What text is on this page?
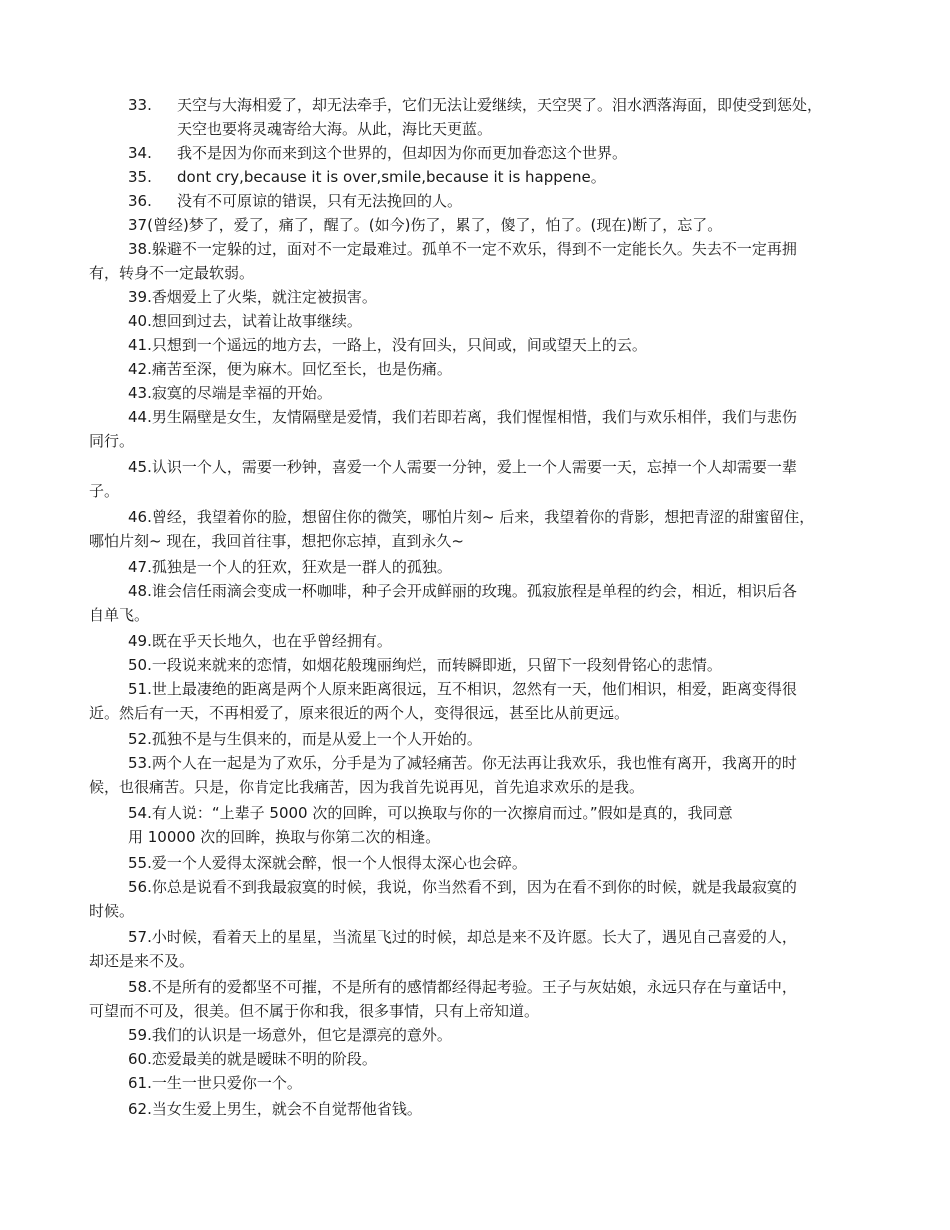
33. 天空与大海相爱了，却无法牵手，它们无法让爱继续，天空哭了。泪水洒落海面，即使受到惩处，
天空也要将灵魂寄给大海。从此，海比天更蓝。
34. 我不是因为你而来到这个世界的，但却因为你而更加眷恋这个世界。
35. dont cry,because it is over,smile,because it is happene。
36. 没有不可原谅的错误，只有无法挽回的人。
37(曾经)梦了，爱了，痛了，醒了。(如今)伤了，累了，傻了，怕了。(现在)断了，忘了。
38.躲避不一定躲的过，面对不一定最难过。孤单不一定不欢乐，得到不一定能长久。失去不一定再拥
有，转身不一定最软弱。
39.香烟爱上了火柴，就注定被损害。
40.想回到过去，试着让故事继续。
41.只想到一个遥远的地方去，一路上，没有回头，只间或，间或望天上的云。
42.痛苦至深，便为麻木。回忆至长，也是伤痛。
43.寂寞的尽端是幸福的开始。
44.男生隔壁是女生，友情隔壁是爱情，我们若即若离，我们惺惺相惜，我们与欢乐相伴，我们与悲伤
同行。
45.认识一个人，需要一秒钟，喜爱一个人需要一分钟，爱上一个人需要一天，忘掉一个人却需要一辈
子。
46.曾经，我望着你的脸，想留住你的微笑，哪怕片刻~ 后来，我望着你的背影，想把青涩的甜蜜留住，
哪怕片刻~ 现在，我回首往事，想把你忘掉，直到永久~
47.孤独是一个人的狂欢，狂欢是一群人的孤独。
48.谁会信任雨滴会变成一杯咖啡，种子会开成鲜丽的玫瑰。孤寂旅程是单程的约会，相近，相识后各
自单飞。
49.既在乎天长地久，也在乎曾经拥有。
50.一段说来就来的恋情，如烟花般瑰丽绚烂，而转瞬即逝，只留下一段刻骨铭心的悲情。
51.世上最凄绝的距离是两个人原来距离很远，互不相识，忽然有一天，他们相识，相爱，距离变得很
近。然后有一天，不再相爱了，原来很近的两个人，变得很远，甚至比从前更远。
52.孤独不是与生俱来的，而是从爱上一个人开始的。
53.两个人在一起是为了欢乐，分手是为了减轻痛苦。你无法再让我欢乐，我也惟有离开，我离开的时
候，也很痛苦。只是，你肯定比我痛苦，因为我首先说再见，首先追求欢乐的是我。
54.有人说：“上辈子 5000 次的回眸，可以换取与你的一次擦肩而过。”假如是真的，我同意
用 10000 次的回眸，换取与你第二次的相逢。
55.爱一个人爱得太深就会醉，恨一个人恨得太深心也会碎。
56.你总是说看不到我最寂寞的时候，我说，你当然看不到，因为在看不到你的时候，就是我最寂寞的
时候。
57.小时候，看着天上的星星，当流星飞过的时候，却总是来不及许愿。长大了，遇见自己喜爱的人，
却还是来不及。
58.不是所有的爱都坚不可摧，不是所有的感情都经得起考验。王子与灰姑娘，永远只存在与童话中，
可望而不可及，很美。但不属于你和我，很多事情，只有上帝知道。
59.我们的认识是一场意外，但它是漂亮的意外。
60.恋爱最美的就是暧昧不明的阶段。
61.一生一世只爱你一个。
62.当女生爱上男生，就会不自觉帮他省钱。
